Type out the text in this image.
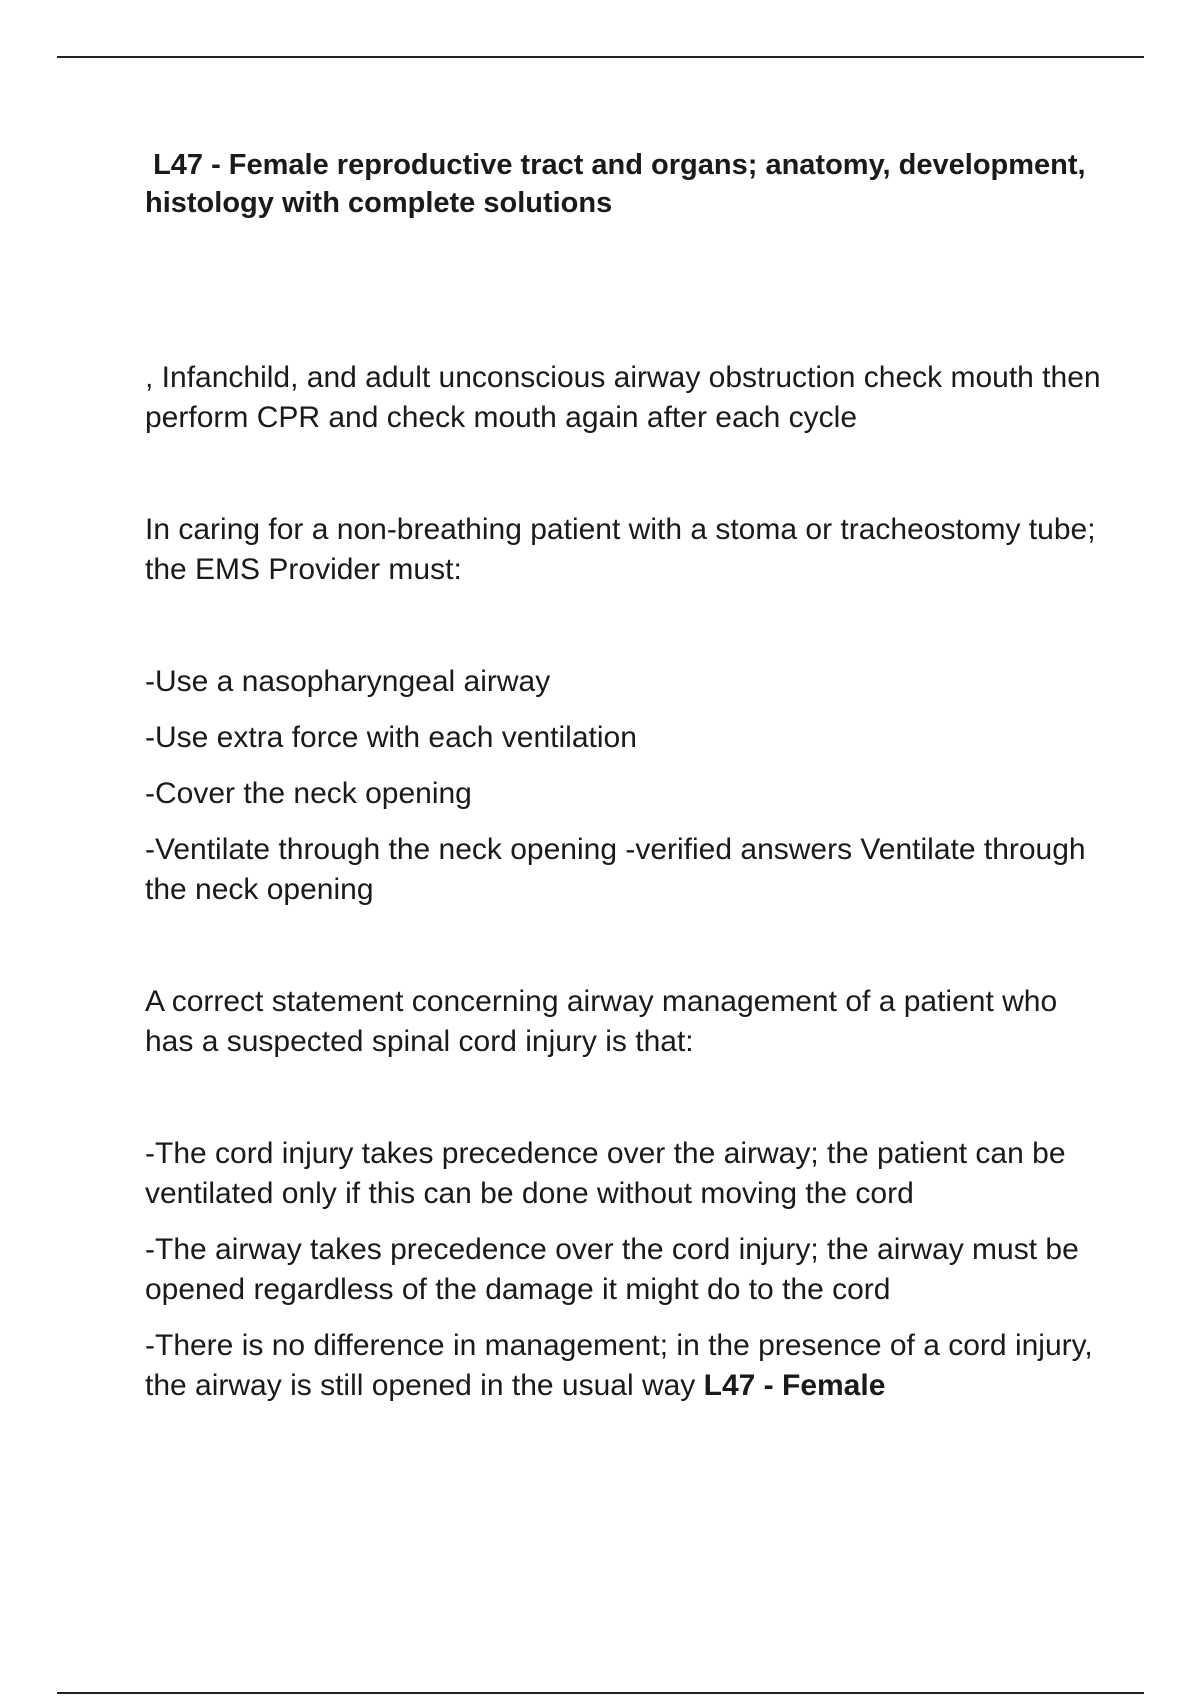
L47 - Female reproductive tract and organs; anatomy, development, histology with complete solutions

, Infanchild, and adult unconscious airway obstruction check mouth then perform CPR and check mouth again after each cycle

In caring for a non-breathing patient with a stoma or tracheostomy tube; the EMS Provider must:

-Use a nasopharyngeal airway

-Use extra force with each ventilation

-Cover the neck opening

-Ventilate through the neck opening -verified answers Ventilate through the neck opening

A correct statement concerning airway management of a patient who has a suspected spinal cord injury is that:

-The cord injury takes precedence over the airway; the patient can be ventilated only if this can be done without moving the cord

-The airway takes precedence over the cord injury; the airway must be opened regardless of the damage it might do to the cord

-There is no difference in management; in the presence of a cord injury, the airway is still opened in the usual way L47 - Female
